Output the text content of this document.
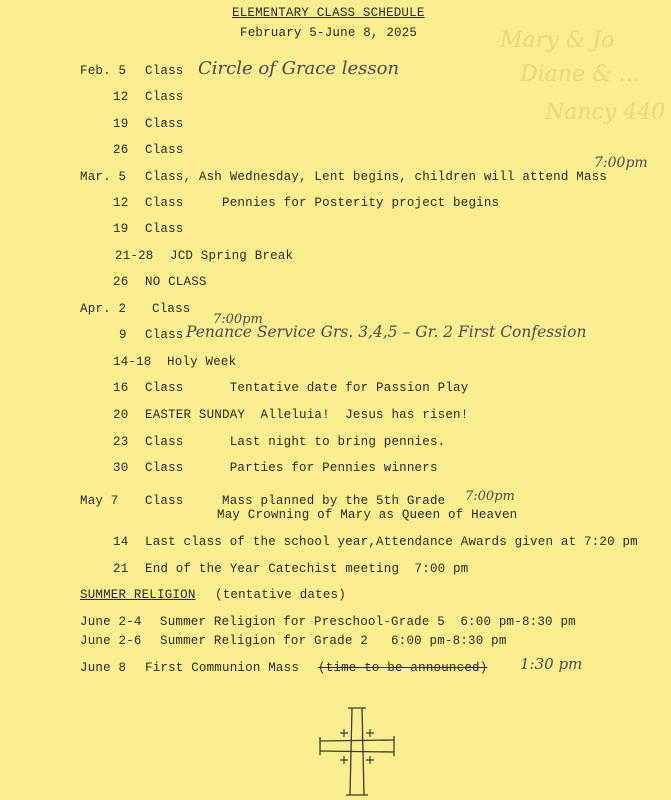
Mary & Jo
Diane & ...
Nancy 440
ELEMENTARY CLASS SCHEDULE
February 5-June 8, 2025
Feb. 5 Class
12 Class
19 Class
26 Class
Mar. 5 Class, Ash Wednesday, Lent begins, children will attend Mass
12 Class     Pennies for Posterity project begins
19 Class
21-28 JCD Spring Break
26 NO CLASS
Apr. 2 Class
9 Class
14-18 Holy Week
16 Class      Tentative date for Passion Play
20 EASTER SUNDAY  Alleluia!  Jesus has risen!
23 Class      Last night to bring pennies.
30 Class      Parties for Pennies winners
May 7 Class     Mass planned by the 5th Grade
May Crowning of Mary as Queen of Heaven
14 Last class of the school year,Attendance Awards given at 7:20 pm
21 End of the Year Catechist meeting  7:00 pm
SUMMER RELIGION (tentative dates)
June 2-4 Summer Religion for Preschool-Grade 5  6:00 pm-8:30 pm
June 2-6 Summer Religion for Grade 2   6:00 pm-8:30 pm
June 8 First Communion Mass (time to be announced)
Circle of Grace lesson
7:00pm
7:00pm
Penance Service Grs. 3,4,5 – Gr. 2 First Confession
7:00pm
1:30 pm
